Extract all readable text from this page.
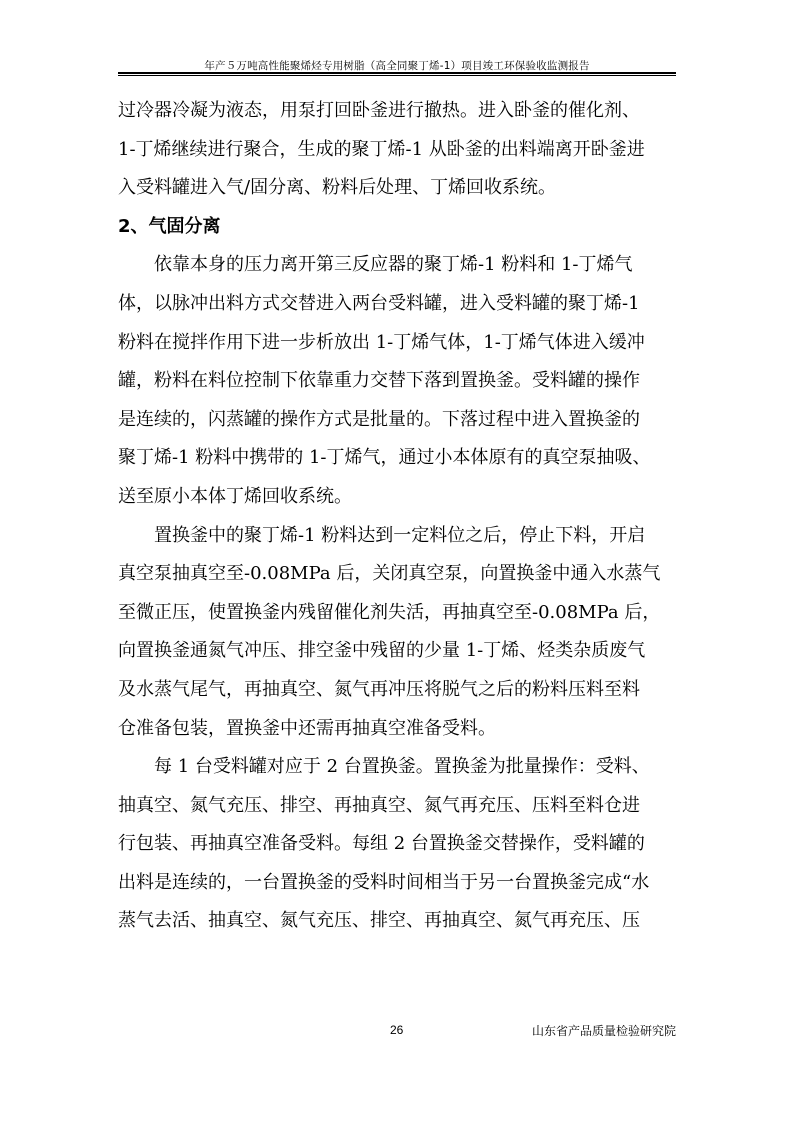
年产５万吨高性能聚烯烃专用树脂（高全同聚丁烯-1）项目竣工环保验收监测报告
过冷器冷凝为液态，用泵打回卧釜进行撤热。进入卧釜的催化剂、
1-丁烯继续进行聚合，生成的聚丁烯-1 从卧釜的出料端离开卧釜进
入受料罐进入气/固分离、粉料后处理、丁烯回收系统。
2、气固分离
　　依靠本身的压力离开第三反应器的聚丁烯-1 粉料和 1-丁烯气
体，以脉冲出料方式交替进入两台受料罐，进入受料罐的聚丁烯-1
粉料在搅拌作用下进一步析放出 1-丁烯气体，1-丁烯气体进入缓冲
罐，粉料在料位控制下依靠重力交替下落到置换釜。受料罐的操作
是连续的，闪蒸罐的操作方式是批量的。下落过程中进入置换釜的
聚丁烯-1 粉料中携带的 1-丁烯气，通过小本体原有的真空泵抽吸、
送至原小本体丁烯回收系统。
　　置换釜中的聚丁烯-1 粉料达到一定料位之后，停止下料，开启
真空泵抽真空至-0.08MPa 后，关闭真空泵，向置换釜中通入水蒸气
至微正压，使置换釜内残留催化剂失活，再抽真空至-0.08MPa 后，
向置换釜通氮气冲压、排空釜中残留的少量 1-丁烯、烃类杂质废气
及水蒸气尾气，再抽真空、氮气再冲压将脱气之后的粉料压料至料
仓准备包装，置换釜中还需再抽真空准备受料。
　　每 1 台受料罐对应于 2 台置换釜。置换釜为批量操作：受料、
抽真空、氮气充压、排空、再抽真空、氮气再充压、压料至料仓进
行包装、再抽真空准备受料。每组 2 台置换釜交替操作，受料罐的
出料是连续的，一台置换釜的受料时间相当于另一台置换釜完成“水
蒸气去活、抽真空、氮气充压、排空、再抽真空、氮气再充压、压
26	山东省产品质量检验研究院
